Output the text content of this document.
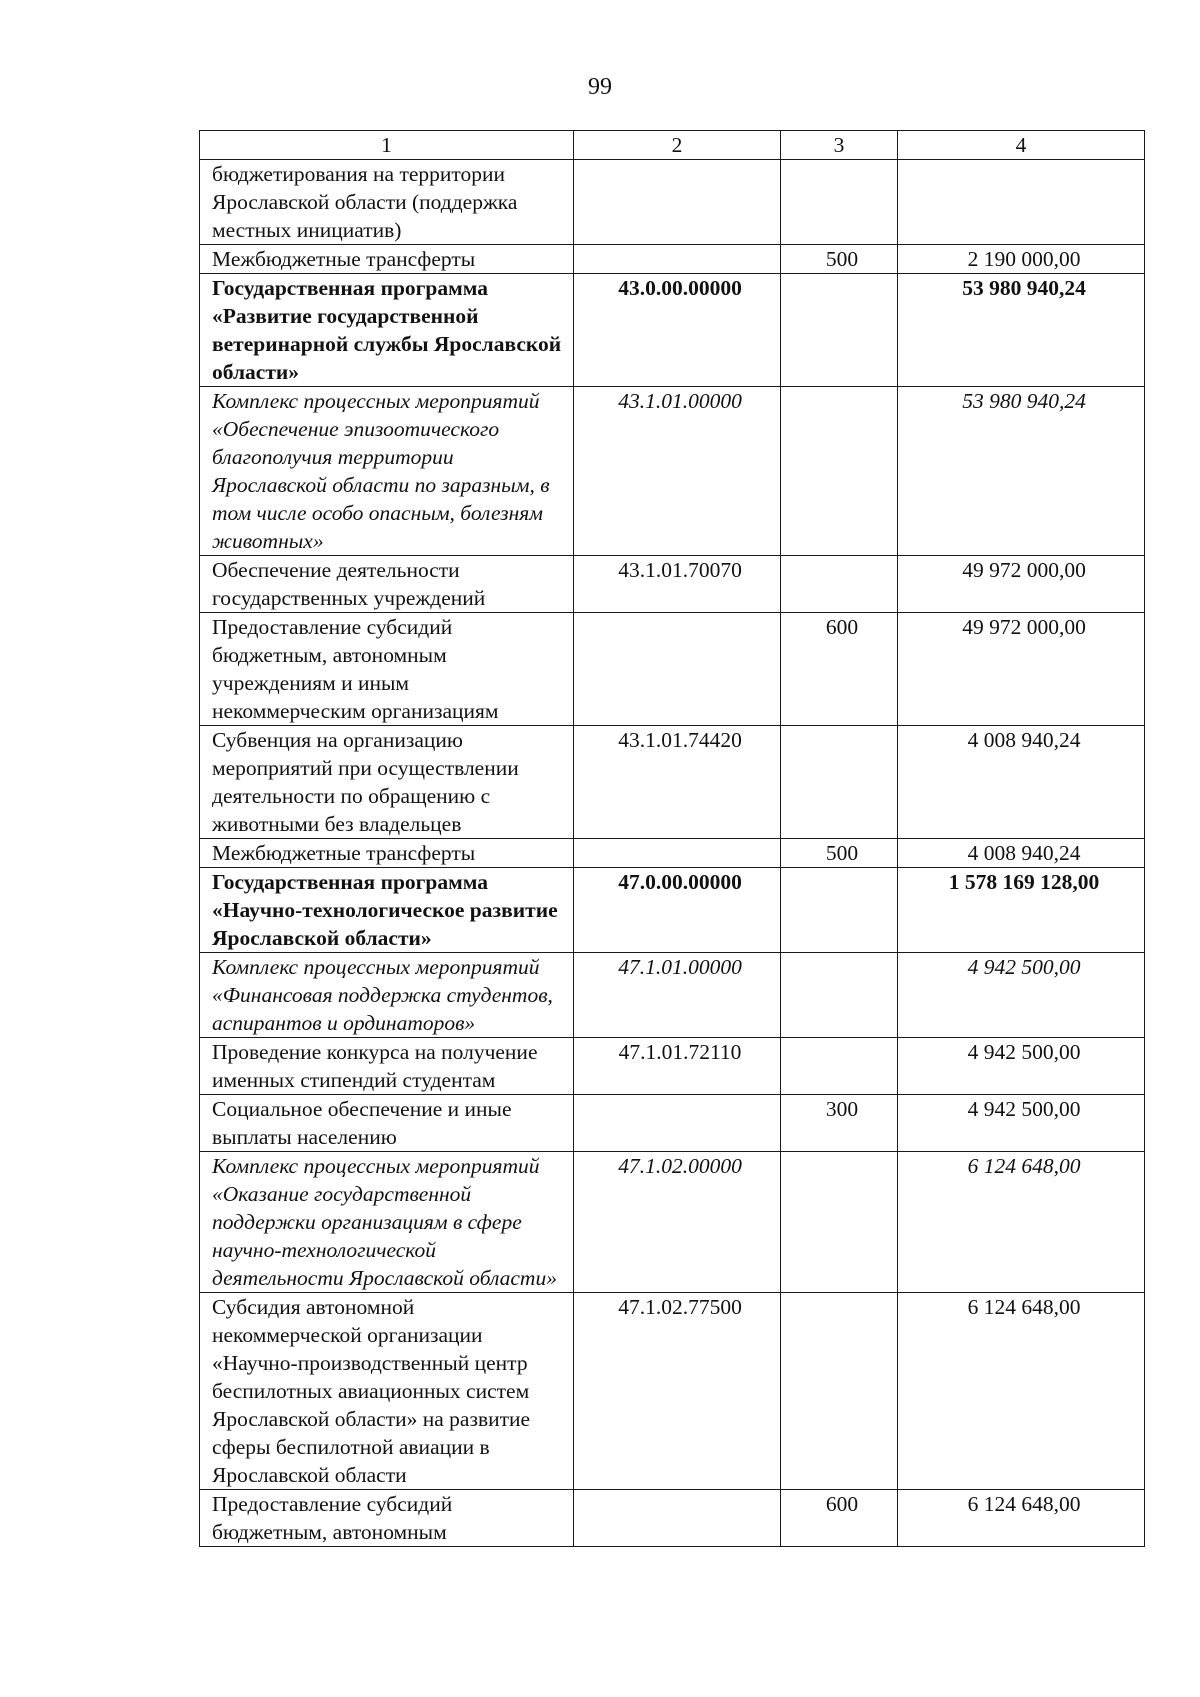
99
1	2	3	4
бюджетирования на территории Ярославской области (поддержка местных инициатив)			
Межбюджетные трансферты		500	2 190 000,00
Государственная программа «Развитие государственной ветеринарной службы Ярославской области»	43.0.00.00000		53 980 940,24
Комплекс процессных мероприятий «Обеспечение эпизоотического благополучия территории Ярославской области по заразным, в том числе особо опасным, болезням животных»	43.1.01.00000		53 980 940,24
Обеспечение деятельности государственных учреждений	43.1.01.70070		49 972 000,00
Предоставление субсидий бюджетным, автономным учреждениям и иным некоммерческим организациям		600	49 972 000,00
Субвенция на организацию мероприятий при осуществлении деятельности по обращению с животными без владельцев	43.1.01.74420		4 008 940,24
Межбюджетные трансферты		500	4 008 940,24
Государственная программа «Научно-технологическое развитие Ярославской области»	47.0.00.00000		1 578 169 128,00
Комплекс процессных мероприятий «Финансовая поддержка студентов, аспирантов и ординаторов»	47.1.01.00000		4 942 500,00
Проведение конкурса на получение именных стипендий студентам	47.1.01.72110		4 942 500,00
Социальное обеспечение и иные выплаты населению		300	4 942 500,00
Комплекс процессных мероприятий «Оказание государственной поддержки организациям в сфере научно-технологической деятельности Ярославской области»	47.1.02.00000		6 124 648,00
Субсидия автономной некоммерческой организации «Научно-производственный центр беспилотных авиационных систем Ярославской области» на развитие сферы беспилотной авиации в Ярославской области	47.1.02.77500		6 124 648,00
Предоставление субсидий бюджетным, автономным		600	6 124 648,00
